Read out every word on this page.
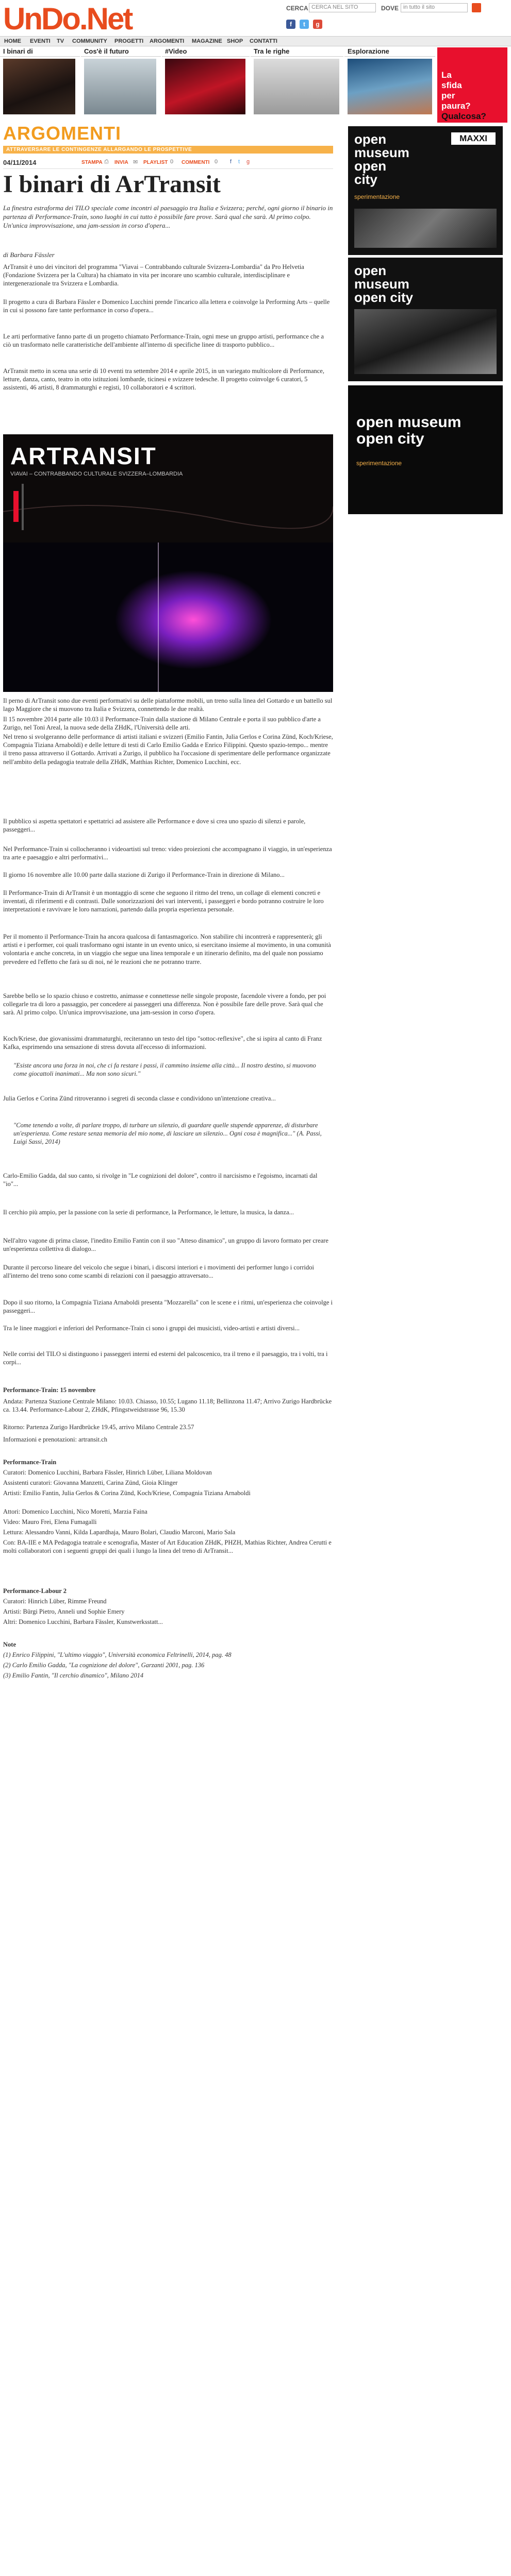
UnDo.Net	CERCA CERCA NEL SITO	DOVE in tutto il sito
f t g
HOME EVENTI TV COMMUNITY PROGETTI ARGOMENTI MAGAZINE SHOP CONTATTI
I binari di	Cos'è il futuro	#Video	Tra le righe	Esplorazione
La
sfida
per
paura?
Qualcosa?
ARGOMENTI
ATTRAVERSARE LE CONTINGENZE ALLARGANDO LE PROSPETTIVE
04/11/2014	STAMPA ⎙ INVIA ✉ PLAYLIST 0 COMMENTI 0 f t g
I binari di ArTransit
La finestra estraforma dei TILO speciale come incontri al paesaggio tra Italia e Svizzera; perché, ogni giorno il binario in partenza di Performance-Train, sono luoghi in cui tutto è possibile fare prove. Sarà qual che sarà. Al primo colpo. Un'unica improvvisazione, una jam-session in corso d'opera...
di Barbara Fässler

ArTransit è uno dei vincitori del programma "Viavai – Contrabbando culturale Svizzera-Lombardia" da Pro Helvetia (Fondazione Svizzera per la Cultura) ha chiamato in vita per incorare uno scambio culturale, interdisciplinare e intergenerazionale tra Svizzera e Lombardia.

Il progetto a cura di Barbara Fässler e Domenico Lucchini prende l'incarico alla lettera e coinvolge la Performing Arts – quelle in cui si possono fare tante performance in corso d'opera...

Le arti performative fanno parte di un progetto chiamato Performance-Train, ogni mese un gruppo artisti, performance che a ciò un trasformato nelle caratteristiche dell'ambiente all'interno di specifiche linee di trasporto pubblico...

ArTransit metto in scena una serie di 10 eventi tra settembre 2014 e aprile 2015, in un variegato multicolore di Performance, letture, danza, canto, teatro in otto istituzioni lombarde, ticinesi e svizzere tedesche. Il progetto coinvolge 6 curatori, 5 assistenti, 46 artisti, 8 drammaturghi e registi, 10 collaboratori e 4 scrittori.

ARTRANSIT
VIAVAI – CONTRABBANDO CULTURALE SVIZZERA–LOMBARDIA

Il perno di ArTransit sono due eventi performativi su delle piattaforme mobili, un treno sulla linea del Gottardo e un battello sul lago Maggiore che si muovono tra Italia e Svizzera, connettendo le due realtà.

Il 15 novembre 2014 parte alle 10.03 il Performance-Train dalla stazione di Milano Centrale e porta il suo pubblico d'arte a Zurigo, nel Toni Areal, la nuova sede della ZHdK, l'Università delle arti.

Nel treno si svolgeranno delle performance di artisti italiani e svizzeri (Emilio Fantin, Julia Gerlos e Corina Zünd, Koch/Kriese, Compagnia Tiziana Arnaboldi) e delle letture di testi di Carlo Emilio Gadda e Enrico Filippini. Questo spazio-tempo... mentre il treno passa attraverso il Gottardo. Arrivati a Zurigo, il pubblico ha l'occasione di sperimentare delle performance organizzate nell'ambito della pedagogia teatrale della ZHdK, Matthias Richter, Domenico Lucchini, ecc.

Il pubblico si aspetta spettatori e spettatrici ad assistere alle Performance e dove si crea uno spazio di silenzi e parole, passeggeri...

Nel Performance-Train si collocheranno i videoartisti sul treno: video proiezioni che accompagnano il viaggio, in un'esperienza tra arte e paesaggio e altri performativi...

Il giorno 16 novembre alle 10.00 parte dalla stazione di Zurigo il Performance-Train in direzione di Milano...

Il Performance-Train di ArTransit è un montaggio di scene che seguono il ritmo del treno, un collage di elementi concreti e inventati, di riferimenti e di contrasti. Dalle sonorizzazioni dei vari interventi, i passeggeri e bordo potranno costruire le loro interpretazioni e ravvivare le loro narrazioni, partendo dalla propria esperienza personale.

Per il momento il Performance-Train ha ancora qualcosa di fantasmagorico. Non stabilire chi incontrerà e rappresenterà; gli artisti e i performer, coi quali trasformano ogni istante in un evento unico, si esercitano insieme al movimento, in una comunità volontaria e anche concreta, in un viaggio che segue una linea temporale e un itinerario definito, ma del quale non possiamo prevedere ed l'effetto che farà su di noi, né le reazioni che ne potranno trarre.

Sarebbe bello se lo spazio chiuso e costretto, animasse e connettesse nelle singole proposte, facendole vivere a fondo, per poi collegarle tra di loro a passaggio, per concedere ai passeggeri una differenza. Non è possibile fare delle prove. Sarà qual che sarà. Al primo colpo. Un'unica improvvisazione, una jam-session in corso d'opera.

Koch/Kriese, due giovanissimi drammaturghi, reciteranno un testo del tipo "sottoc-reflexive", che si ispira al canto di Franz Kafka, esprimendo una sensazione di stress dovuta all'eccesso di informazioni.

"Esiste ancora una forza in noi, che ci fa restare i passi, il cammino insieme alla città... Il nostro destino, si muovono come giocattoli inanimati... Ma non sono sicuri."

Julia Gerlos e Corina Zünd ritroveranno i segreti di seconda classe e condividono un'intenzione creativa...

"Come tenendo a volte, di parlare troppo, di turbare un silenzio, di guardare quelle stupende apparenze, di disturbare un'esperienza. Come restare senza memoria del mio nome, di lasciare un silenzio... Ogni cosa è magnifica..." (A. Passi, Luigi Sassi, 2014)

Carlo-Emilio Gadda, dal suo canto, si rivolge in "Le cognizioni del dolore", contro il narcisismo e l'egoismo, incarnati dal "io"...

Il cerchio più ampio, per la passione con la serie di performance, la Performance, le letture, la musica, la danza...

Nell'altro vagone di prima classe, l'inedito Emilio Fantin con il suo "Atteso dinamico", un gruppo di lavoro formato per creare un'esperienza collettiva di dialogo...

Durante il percorso lineare del veicolo che segue i binari, i discorsi interiori e i movimenti dei performer lungo i corridoi all'interno del treno sono come scambi di relazioni con il paesaggio attraversato...

Dopo il suo ritorno, la Compagnia Tiziana Arnaboldi presenta "Mozzarella" con le scene e i ritmi, un'esperienza che coinvolge i passeggeri...

Tra le linee maggiori e inferiori del Performance-Train ci sono i gruppi dei musicisti, video-artisti e artisti diversi...

Nelle corrisi del TILO si distinguono i passeggeri interni ed esterni del palcoscenico, tra il treno e il paesaggio, tra i volti, tra i corpi...

Performance-Train: 15 novembre

Andata: Partenza Stazione Centrale Milano: 10.03. Chiasso, 10.55; Lugano 11.18; Bellinzona 11.47; Arrivo Zurigo Hardbrücke ca. 13.44. Performance-Labour 2, ZHdK, Pfingstweidstrasse 96, 15.30

Ritorno: Partenza Zurigo Hardbrücke 19.45, arrivo Milano Centrale 23.57

Informazioni e prenotazioni: artransit.ch

Performance-Train

Curatori: Domenico Lucchini, Barbara Fässler, Hinrich Lüber, Liliana Moldovan

Assistenti curatori: Giovanna Manzetti, Carina Zünd, Gioia Klinger

Artisti: Emilio Fantin, Julia Gerlos & Corina Zünd, Koch/Kriese, Compagnia Tiziana Arnaboldi

Attori: Domenico Lucchini, Nico Moretti, Marzia Faina

Video: Mauro Frei, Elena Fumagalli

Lettura: Alessandro Vanni, Kilda Lapardhaja, Mauro Bolari, Claudio Marconi, Mario Sala

Con: BA-IIE e MA Pedagogia teatrale e scenografia, Master of Art Education ZHdK, PHZH, Mathias Richter, Andrea Cerutti e molti collaboratori con i seguenti gruppi dei quali i lungo la linea del treno di ArTransit...

Performance-Labour 2

Curatori: Hinrich Lüber, Rimme Freund

Artisti: Bürgi Pietro, Anneli und Sophie Emery

Altri: Domenico Lucchini, Barbara Fässler, Kunstwerksstatt...

Note

(1) Enrico Filippini, "L'ultimo viaggio", Università economica Feltrinelli, 2014, pag. 48

(2) Carlo Emilio Gadda, "La cognizione del dolore", Garzanti 2001, pag. 136

(3) Emilio Fantin, "Il cerchio dinamico", Milano 2014

open
museum
open
city
MAXXI
sperimentazione
open
museum
open city
open museum
open city
sperimentazione
